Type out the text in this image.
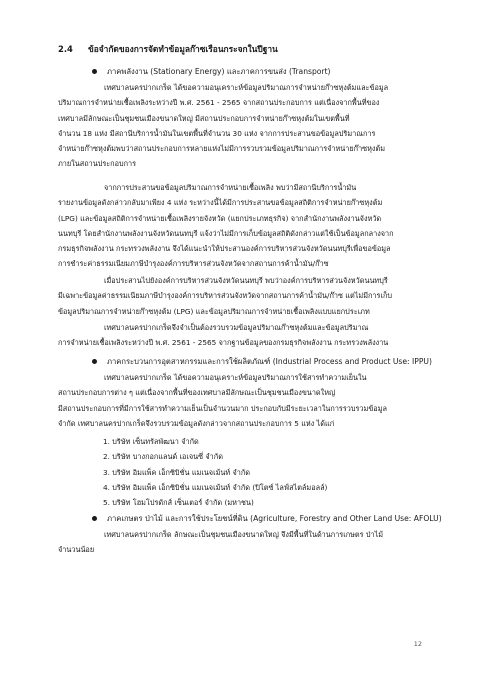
2.4 ข้อจำกัดของการจัดทำข้อมูลก๊าซเรือนกระจกในปีฐาน
ภาคพลังงาน (Stationary Energy) และภาคการขนส่ง (Transport)
เทศบาลนครปากเกร็ด ได้ขอความอนุเคราะห์ข้อมูลปริมาณการจำหน่ายก๊าซหุงต้มและข้อมูล
ปริมาณการจำหน่ายเชื้อเพลิงระหว่างปี พ.ศ. 2561 - 2565 จากสถานประกอบการ แต่เนื่องจากพื้นที่ของ
เทศบาลมีลักษณะเป็นชุมชนเมืองขนาดใหญ่ มีสถานประกอบการจำหน่ายก๊าซหุงต้มในเขตพื้นที่
จำนวน 18 แห่ง มีสถานีบริการน้ำมันในเขตพื้นที่จำนวน 30 แห่ง จากการประสานขอข้อมูลปริมาณการ
จำหน่ายก๊าซหุงต้มพบว่าสถานประกอบการหลายแห่งไม่มีการรวบรวมข้อมูลปริมาณการจำหน่ายก๊าซหุงต้ม
ภายในสถานประกอบการ
จากการประสานขอข้อมูลปริมาณการจำหน่ายเชื้อเพลิง พบว่ามีสถานีบริการน้ำมัน
รายงานข้อมูลดังกล่าวกลับมาเพียง 4 แห่ง ระหว่างนี้ได้มีการประสานขอข้อมูลสถิติการจำหน่ายก๊าซหุงต้ม
(LPG) และข้อมูลสถิติการจำหน่ายเชื้อเพลิงรายจังหวัด (แยกประเภทธุรกิจ) จากสำนักงานพลังงานจังหวัด
นนทบุรี โดยสำนักงานพลังงานจังหวัดนนทบุรี แจ้งว่าไม่มีการเก็บข้อมูลสถิติดังกล่าวแต่ใช้เป็นข้อมูลกลางจาก
กรมธุรกิจพลังงาน กระทรวงพลังงาน จึงได้แนะนำให้ประสานองค์การบริหารส่วนจังหวัดนนทบุรีเพื่อขอข้อมูล
การชำระค่าธรรมเนียมภาษีบำรุงองค์การบริหารส่วนจังหวัดจากสถานการค้าน้ำมัน/ก๊าซ
เมื่อประสานไปยังองค์การบริหารส่วนจังหวัดนนทบุรี พบว่าองค์การบริหารส่วนจังหวัดนนทบุรี
มีเฉพาะข้อมูลค่าธรรมเนียมภาษีบำรุงองค์การบริหารส่วนจังหวัดจากสถานการค้าน้ำมัน/ก๊าซ แต่ไม่มีการเก็บ
ข้อมูลปริมาณการจำหน่ายก๊าซหุงต้ม (LPG) และข้อมูลปริมาณการจำหน่ายเชื้อเพลิงแบบแยกประเภท
เทศบาลนครปากเกร็ดจึงจำเป็นต้องรวบรวมข้อมูลปริมาณก๊าซหุงต้มและข้อมูลปริมาณ
การจำหน่ายเชื้อเพลิงระหว่างปี พ.ศ. 2561 - 2565 จากฐานข้อมูลของกรมธุรกิจพลังงาน กระทรวงพลังงาน
ภาคกระบวนการอุตสาหกรรมและการใช้ผลิตภัณฑ์ (Industrial Process and Product Use: IPPU)
เทศบาลนครปากเกร็ด ได้ขอความอนุเคราะห์ข้อมูลปริมาณการใช้สารทำความเย็นใน
สถานประกอบการต่าง ๆ แต่เนื่องจากพื้นที่ของเทศบาลมีลักษณะเป็นชุมชนเมืองขนาดใหญ่
มีสถานประกอบการที่มีการใช้สารทำความเย็นเป็นจำนวนมาก ประกอบกับมีระยะเวลาในการรวบรวมข้อมูล
จำกัด เทศบาลนครปากเกร็ดจึงรวบรวมข้อมูลดังกล่าวจากสถานประกอบการ 5 แห่ง ได้แก่
1. บริษัท เซ็นทรัลพัฒนา จำกัด
2. บริษัท บางกอกแลนด์ เอเจนซี่ จำกัด
3. บริษัท อิมแพ็ค เอ็กซิบิชั่น แมเนจเม้นท์ จำกัด
4. บริษัท อิมแพ็ค เอ็กซิบิชั่น แมเนจเม้นท์ จำกัด (ปิโตซ์ ไลฟ์สไตล์มอลล์)
5. บริษัท โฮมโปรดักส์ เซ็นเตอร์ จำกัด (มหาชน)
ภาคเกษตร ป่าไม้ และการใช้ประโยชน์ที่ดิน (Agriculture, Forestry and Other Land Use: AFOLU)
เทศบาลนครปากเกร็ด ลักษณะเป็นชุมชนเมืองขนาดใหญ่ จึงมีพื้นที่ในด้านการเกษตร ป่าไม้
จำนวนน้อย
12
